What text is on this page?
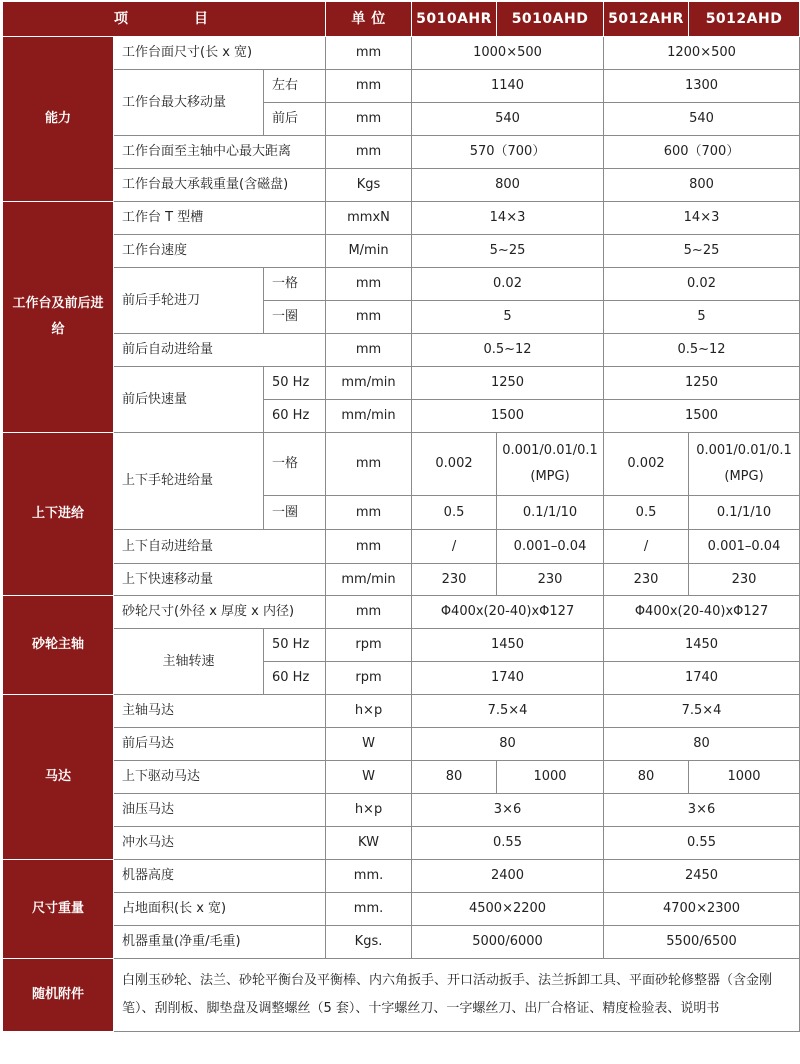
项 目			单 位	5010AHR	5010AHD	5012AHR	5012AHD
能力	工作台面尺寸(长 x 宽)		mm	1000×500		1200×500	
	工作台最大移动量	左右	mm	1140		1300	
		前后	mm	540		540	
	工作台面至主轴中心最大距离		mm	570（700）		600（700）	
	工作台最大承载重量(含磁盘)		Kgs	800		800	
工作台及前后进给	工作台 T 型槽		mmxN	14×3		14×3	
	工作台速度		M/min	5~25		5~25	
	前后手轮进刀	一格	mm	0.02		0.02	
		一圈	mm	5		5	
	前后自动进给量		mm	0.5~12		0.5~12	
	前后快速量	50 Hz	mm/min	1250		1250	
		60 Hz	mm/min	1500		1500	
上下进给	上下手轮进给量	一格	mm	0.002	0.001/0.01/0.1 (MPG)	0.002	0.001/0.01/0.1 (MPG)
		一圈	mm	0.5	0.1/1/10	0.5	0.1/1/10
	上下自动进给量		mm	/	0.001–0.04	/	0.001–0.04
	上下快速移动量		mm/min	230	230	230	230
砂轮主轴	砂轮尺寸(外径 x 厚度 x 内径)		mm	Φ400x(20-40)xΦ127		Φ400x(20-40)xΦ127	
	主轴转速	50 Hz	rpm	1450		1450	
		60 Hz	rpm	1740		1740	
马达	主轴马达		h×p	7.5×4		7.5×4	
	前后马达		W	80		80	
	上下驱动马达		W	80	1000	80	1000
	油压马达		h×p	3×6		3×6	
	冲水马达		KW	0.55		0.55	
尺寸重量	机器高度		mm.	2400		2450	
	占地面积(长 x 宽)		mm.	4500×2200		4700×2300	
	机器重量(净重/毛重)		Kgs.	5000/6000		5500/6500	
随机附件	白刚玉砂轮、法兰、砂轮平衡台及平衡棒、内六角扳手、开口活动扳手、法兰拆卸工具、平面砂轮修整器（含金刚笔）、刮削板、脚垫盘及调整螺丝（5 套）、十字螺丝刀、一字螺丝刀、出厂合格证、精度检验表、说明书						
